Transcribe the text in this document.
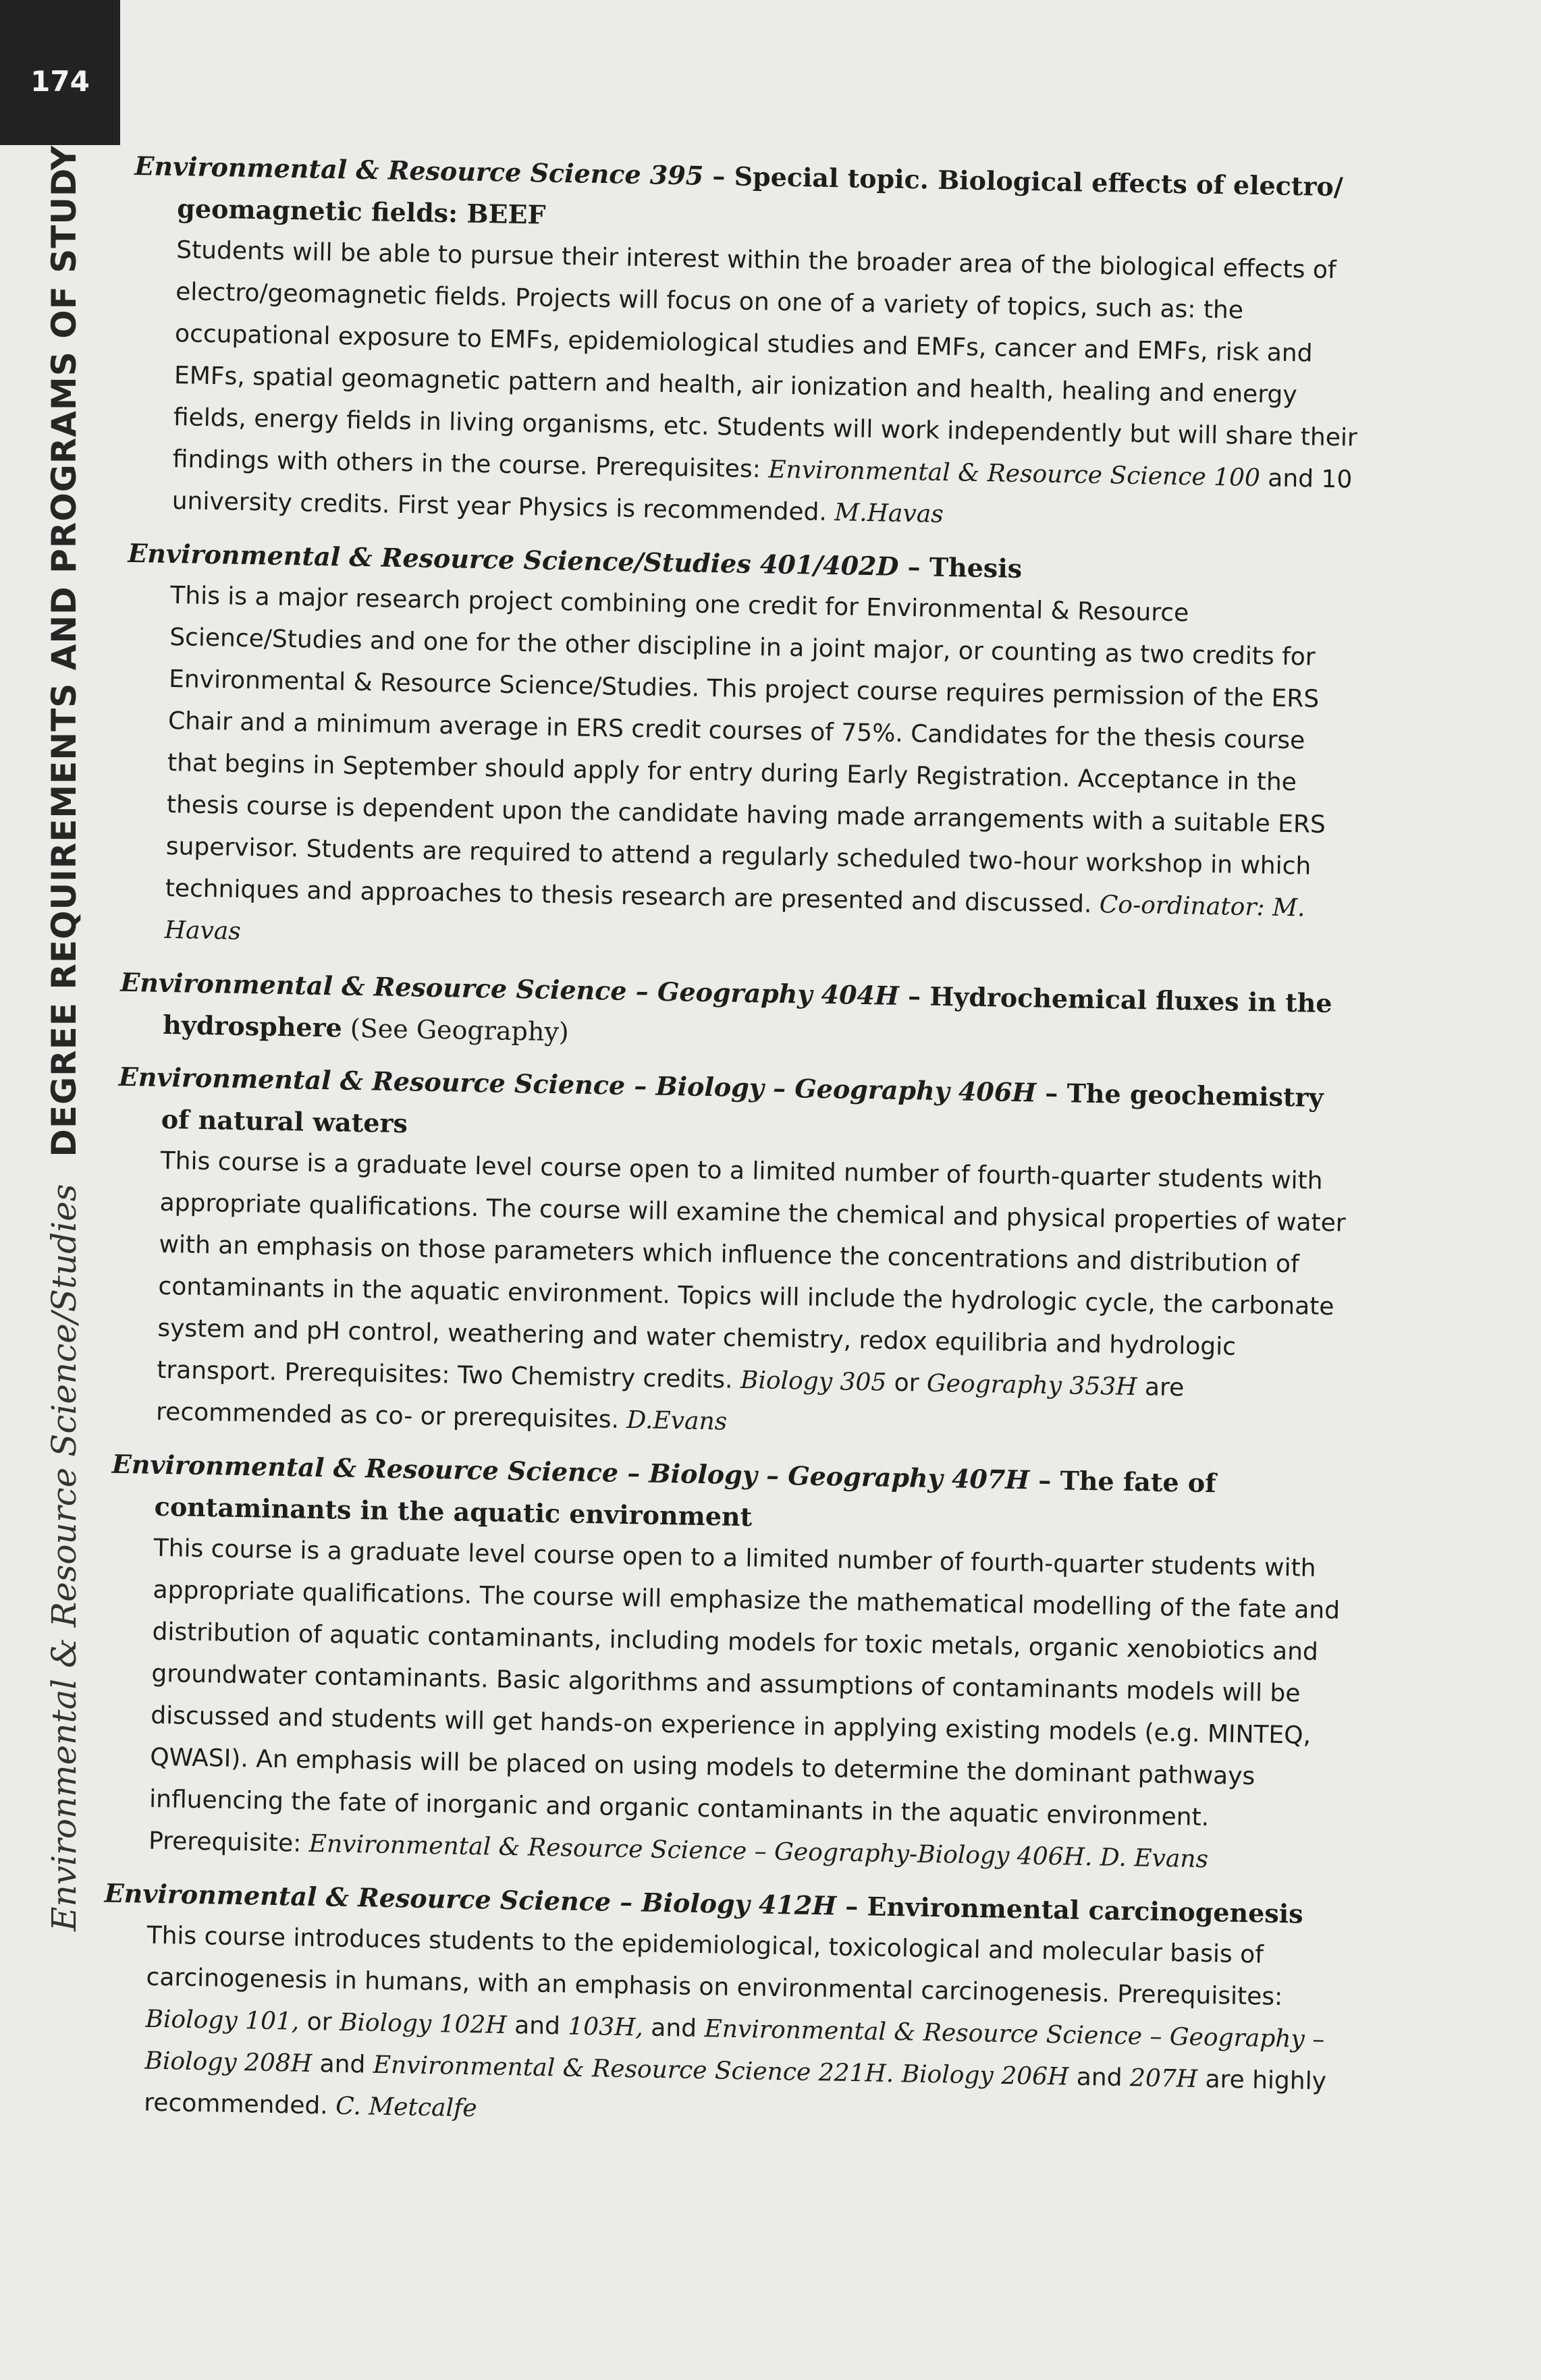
174
Environmental & Resource Science/Studies
DEGREE REQUIREMENTS AND PROGRAMS OF STUDY Environmental & Resource Science 395 – Special topic. Biological effects of electro/ geomagnetic fields: BEEF

Students will be able to pursue their interest within the broader area of the biological effects of electro/geomagnetic fields. Projects will focus on one of a variety of topics, such as: the occupational exposure to EMFs, epidemiological studies and EMFs, cancer and EMFs, risk and EMFs, spatial geomagnetic pattern and health, air ionization and health, healing and energy fields, energy fields in living organisms, etc. Students will work independently but will share their findings with others in the course. Prerequisites: Environmental & Resource Science 100 and 10 university credits. First year Physics is recommended. M.Havas

Environmental & Resource Science/Studies 401/402D – Thesis

This is a major research project combining one credit for Environmental & Resource Science/Studies and one for the other discipline in a joint major, or counting as two credits for Environmental & Resource Science/Studies. This project course requires permission of the ERS Chair and a minimum average in ERS credit courses of 75%. Candidates for the thesis course that begins in September should apply for entry during Early Registration. Acceptance in the thesis course is dependent upon the candidate having made arrangements with a suitable ERS supervisor. Students are required to attend a regularly scheduled two-hour workshop in which techniques and approaches to thesis research are presented and discussed. Co-ordinator: M. Havas

Environmental & Resource Science – Geography 404H – Hydrochemical fluxes in the hydrosphere (See Geography)

Environmental & Resource Science – Biology – Geography 406H – The geochemistry of natural waters

This course is a graduate level course open to a limited number of fourth-quarter students with appropriate qualifications. The course will examine the chemical and physical properties of water with an emphasis on those parameters which influence the concentrations and distribution of contaminants in the aquatic environment. Topics will include the hydrologic cycle, the carbonate system and pH control, weathering and water chemistry, redox equilibria and hydrologic transport. Prerequisites: Two Chemistry credits. Biology 305 or Geography 353H are recommended as co- or prerequisites. D.Evans

Environmental & Resource Science – Biology – Geography 407H – The fate of contaminants in the aquatic environment

This course is a graduate level course open to a limited number of fourth-quarter students with appropriate qualifications. The course will emphasize the mathematical modelling of the fate and distribution of aquatic contaminants, including models for toxic metals, organic xenobiotics and groundwater contaminants. Basic algorithms and assumptions of contaminants models will be discussed and students will get hands-on experience in applying existing models (e.g. MINTEQ, QWASI). An emphasis will be placed on using models to determine the dominant pathways influencing the fate of inorganic and organic contaminants in the aquatic environment. Prerequisite: Environmental & Resource Science – Geography-Biology 406H. D. Evans

Environmental & Resource Science – Biology 412H – Environmental carcinogenesis

This course introduces students to the epidemiological, toxicological and molecular basis of carcinogenesis in humans, with an emphasis on environmental carcinogenesis. Prerequisites: Biology 101, or Biology 102H and 103H, and Environmental & Resource Science – Geography – Biology 208H and Environmental & Resource Science 221H. Biology 206H and 207H are highly recommended. C. Metcalfe
